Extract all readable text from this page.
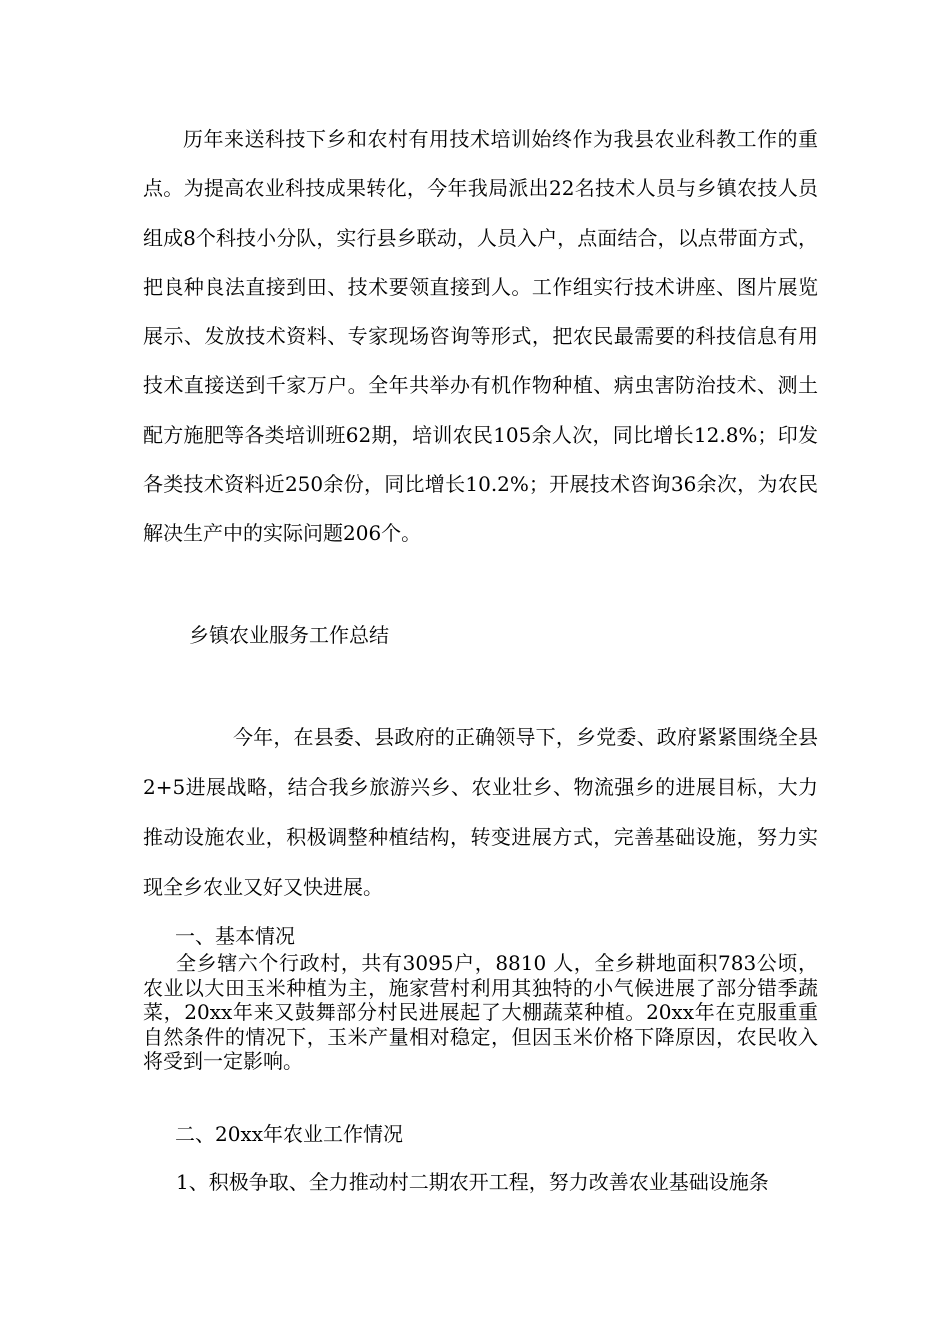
历年来送科技下乡和农村有用技术培训始终作为我县农业科教工作的重点。为提高农业科技成果转化，今年我局派出22名技术人员与乡镇农技人员组成8个科技小分队，实行县乡联动，人员入户，点面结合，以点带面方式，把良种良法直接到田、技术要领直接到人。工作组实行技术讲座、图片展览展示、发放技术资料、专家现场咨询等形式，把农民最需要的科技信息有用技术直接送到千家万户。全年共举办有机作物种植、病虫害防治技术、测土配方施肥等各类培训班62期，培训农民105余人次，同比增长12.8%；印发各类技术资料近250余份，同比增长10.2%；开展技术咨询36余次，为农民解决生产中的实际问题206个。

乡镇农业服务工作总结

今年，在县委、县政府的正确领导下，乡党委、政府紧紧围绕全县2+5进展战略，结合我乡旅游兴乡、农业壮乡、物流强乡的进展目标，大力推动设施农业，积极调整种植结构，转变进展方式，完善基础设施，努力实现全乡农业又好又快进展。

一、基本情况

全乡辖六个行政村，共有3095户，8810 人，全乡耕地面积783公顷，农业以大田玉米种植为主，施家营村利用其独特的小气候进展了部分错季蔬菜，20xx年来又鼓舞部分村民进展起了大棚蔬菜种植。20xx年在克服重重自然条件的情况下，玉米产量相对稳定，但因玉米价格下降原因，农民收入将受到一定影响。

二、20xx年农业工作情况

1、积极争取、全力推动村二期农开工程，努力改善农业基础设施条
